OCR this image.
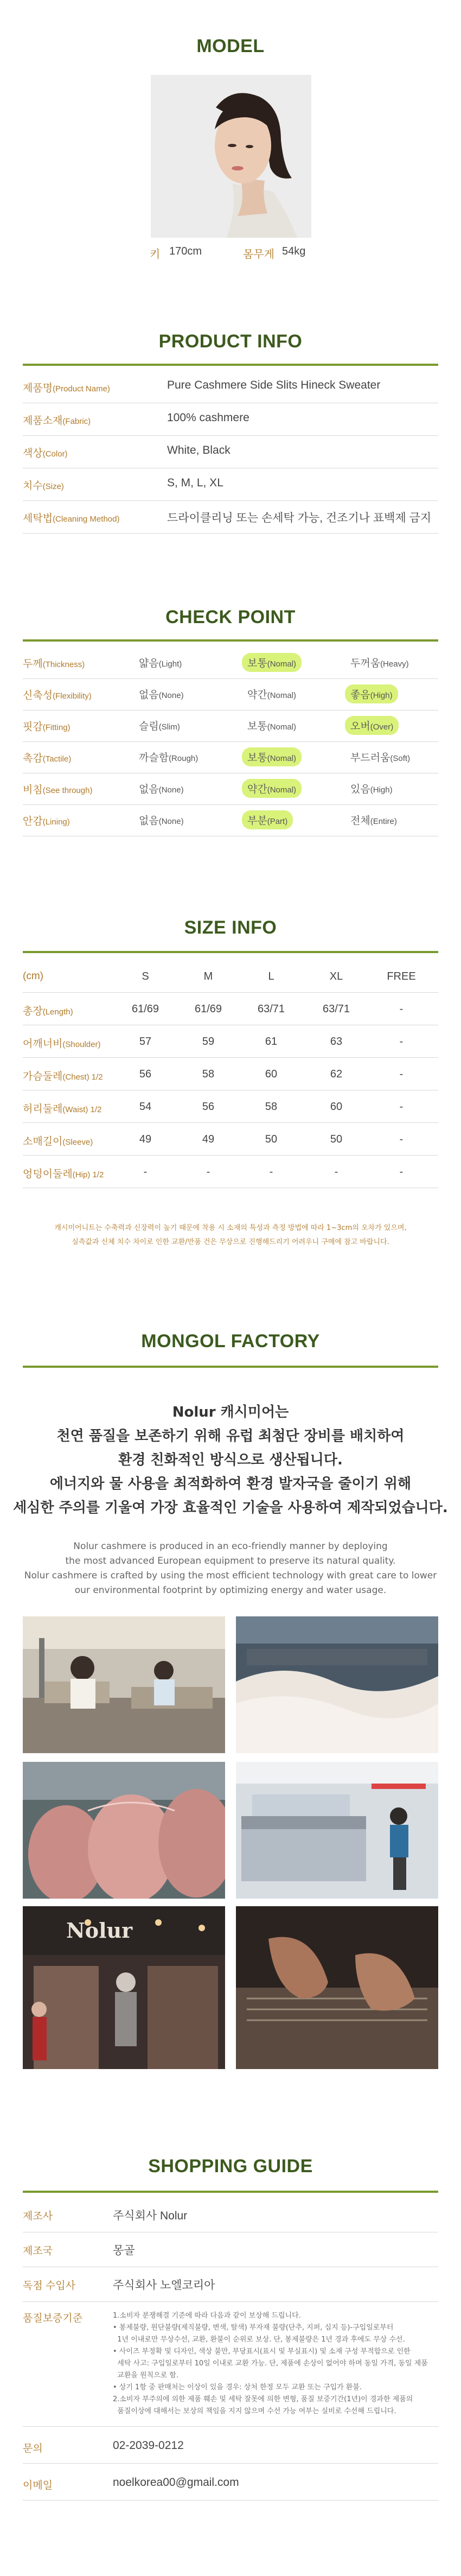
MODEL
키 170cm	몸무게 54kg
PRODUCT INFO
제품명(Product Name)	Pure Cashmere Side Slits Hineck Sweater
제품소재(Fabric)	100% cashmere
색상(Color)	White, Black
치수(Size)	S, M, L, XL
세탁법(Cleaning Method)	드라이클리닝 또는 손세탁 가능, 건조기나 표백제 금지
CHECK POINT
두께(Thickness)	얇음(Light)	보통(Nomal)	두꺼움(Heavy)
신축성(Flexibility)	없음(None)	약간(Nomal)	좋음(High)
핏감(Fitting)	슬림(Slim)	보통(Nomal)	오버(Over)
촉감(Tactile)	까슬함(Rough)	보통(Nomal)	부드러움(Soft)
비침(See through)	없음(None)	약간(Nomal)	있음(High)
안감(Lining)	없음(None)	부분(Part)	전체(Entire)
SIZE INFO
(cm)	S	M	L	XL	FREE
총장(Length)	61/69	61/69	63/71	63/71	-
어깨너비(Shoulder)	57	59	61	63	-
가슴둘레(Chest) 1/2	56	58	60	62	-
허리둘레(Waist) 1/2	54	56	58	60	-
소매길이(Sleeve)	49	49	50	50	-
엉덩이둘레(Hip) 1/2	-	-	-	-	-
캐시미어니트는 수축력과 신장력이 높기 때문에 착용 시 소재의 특성과 측정 방법에 따라 1~3cm의 오차가 있으며,
실측값과 신체 치수 차이로 인한 교환/반품 건은 무상으로 진행해드리기 어려우니 구매에 참고 바랍니다.
MONGOL FACTORY
Nolur 캐시미어는
천연 품질을 보존하기 위해 유럽 최첨단 장비를 배치하여
환경 친화적인 방식으로 생산됩니다.
에너지와 물 사용을 최적화하여 환경 발자국을 줄이기 위해
세심한 주의를 기울여 가장 효율적인 기술을 사용하여 제작되었습니다.
Nolur cashmere is produced in an eco-friendly manner by deploying
the most advanced European equipment to preserve its natural quality.
Nolur cashmere is crafted by using the most efficient technology with great care to lower
our environmental footprint by optimizing energy and water usage.
Nolur
SHOPPING GUIDE
제조사	주식회사 Nolur
제조국	몽골
독점 수입사	주식회사 노엘코리아
품질보증기준	1.소비자 분쟁해결 기준에 따라 다음과 같이 보상해 드립니다.
• 봉제불량, 원단불량(제직불량, 변색, 탈색) 부자재 불량(단추, 지퍼, 심지 등)-구입일로부터
1년 이내로만 무상수선, 교환, 환불이 순위로 보상. 단, 봉제불량은 1년 경과 후에도 무상 수선.
• 사이즈 부정확 및 디자인, 색상 불만, 부당표시(표시 및 부실표시) 및 소재 구성 부적합으로 인한
세탁 사고: 구입일로부터 10일 이내로 교환 가능. 단, 제품에 손상이 없어야 하며 동일 가격, 동일 제품
교환을 원칙으로 함.
• 상기 1항 중 판매처는 이상이 있을 경우: 상처 한정 모두 교환 또는 구입가 환불.
2.소비자 부주의에 의한 제품 훼손 및 세탁 잘못에 의한 변형, 품질 보증기간(1년)이 경과한 제품의
품질이상에 대해서는 보상의 책임을 지지 않으며 수선 가능 여부는 실비로 수선해 드립니다.
문의	02-2039-0212
이메일	noelkorea00@gmail.com
